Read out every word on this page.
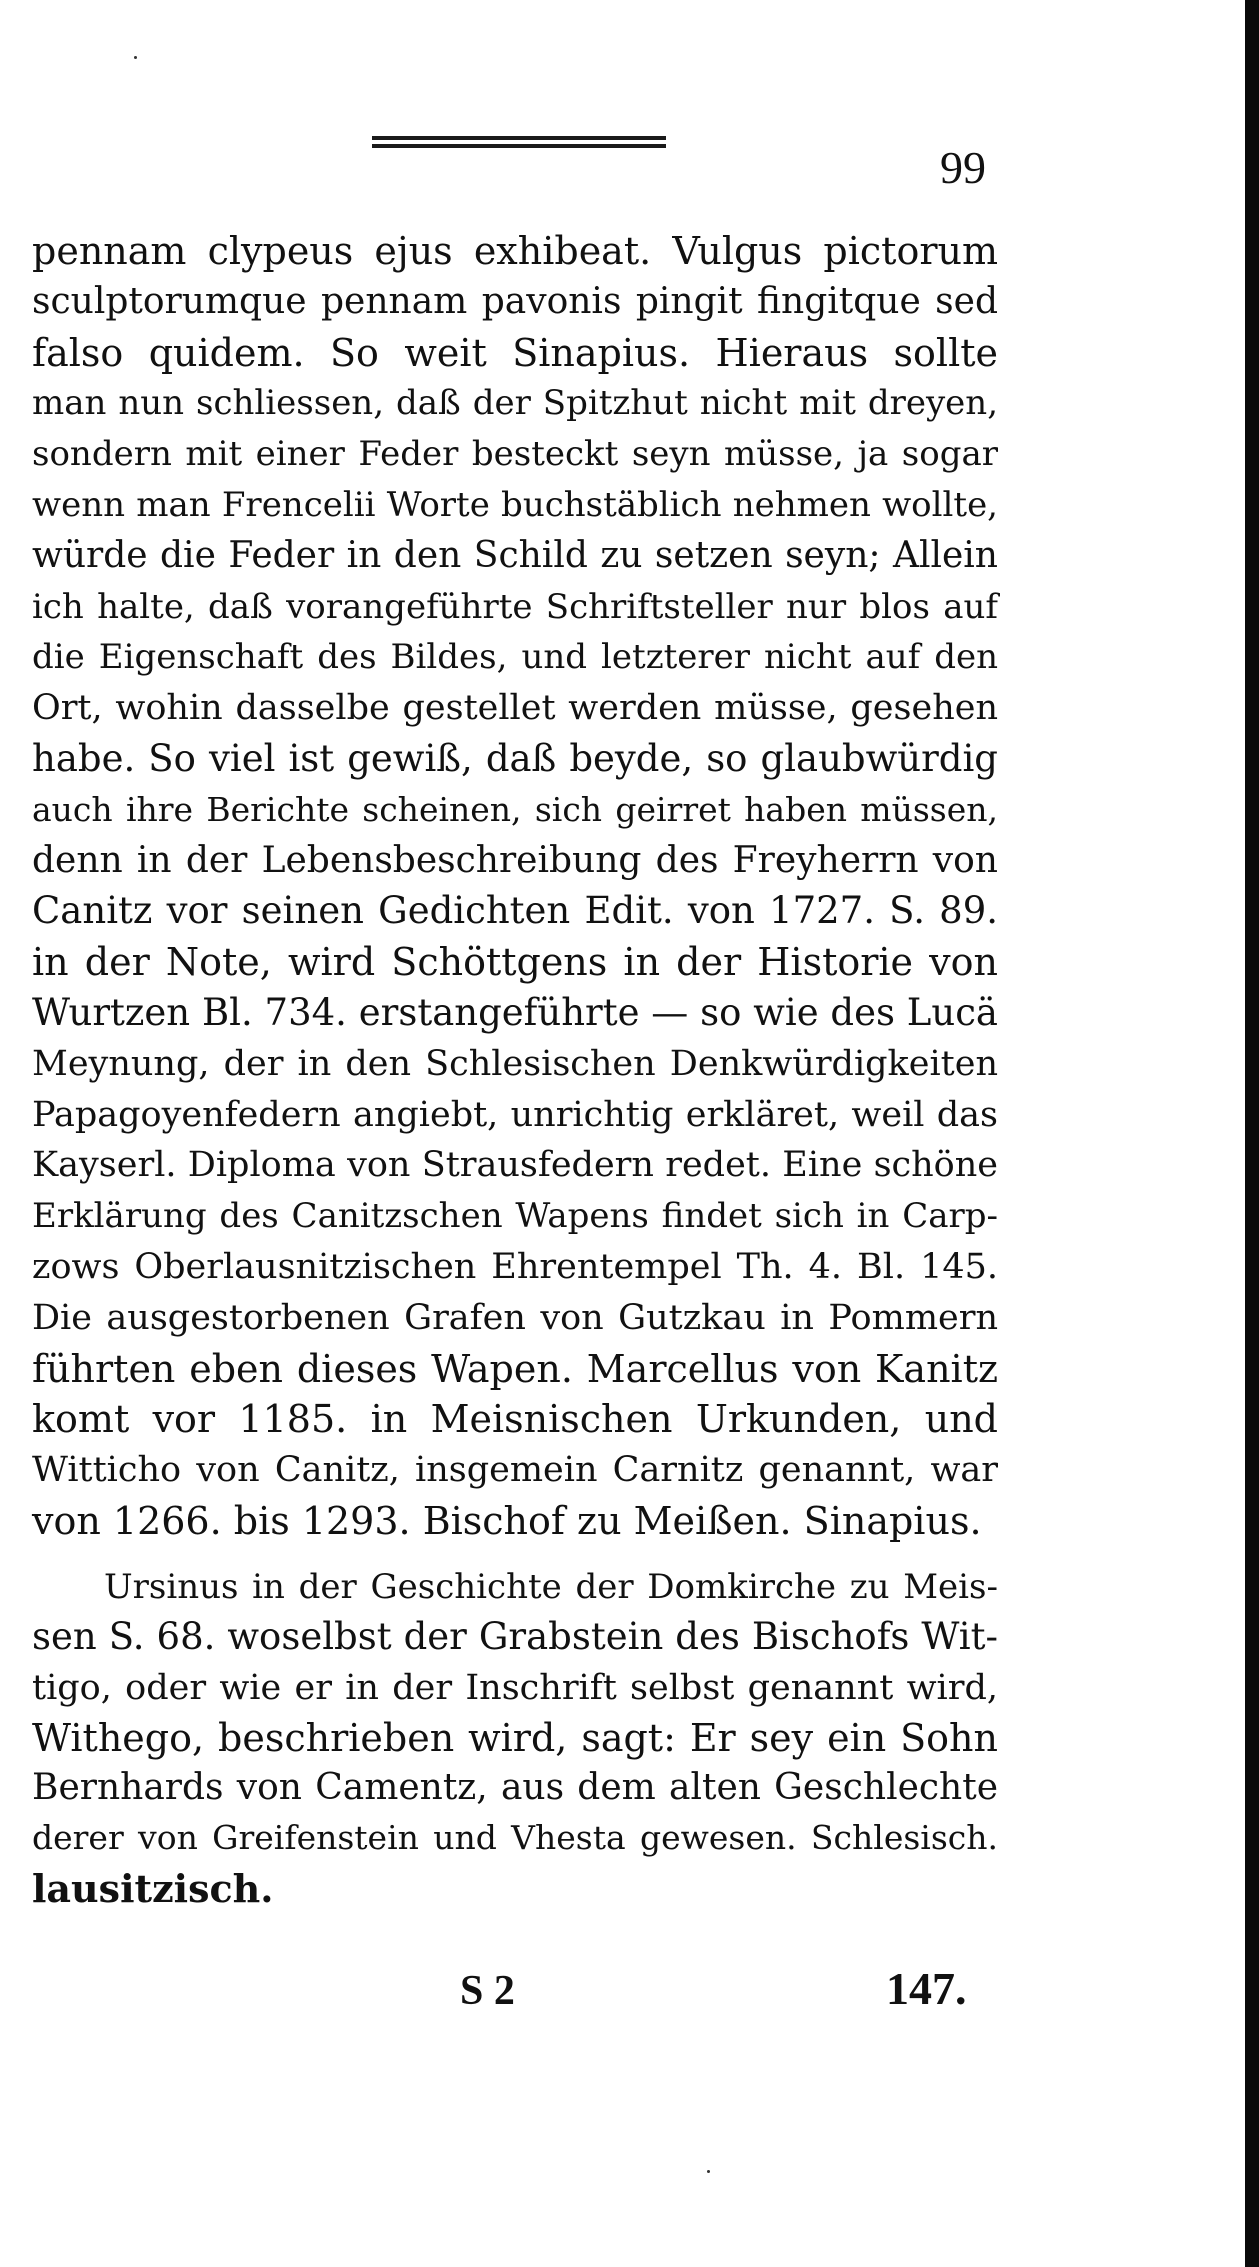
99
pennam clypeus ejus exhibeat. Vulgus pictorum
sculptorumque pennam pavonis pingit fingitque sed
falso quidem. So weit Sinapius. Hieraus sollte
man nun schliessen, daß der Spitzhut nicht mit dreyen,
sondern mit einer Feder besteckt seyn müsse, ja sogar
wenn man Frencelii Worte buchstäblich nehmen wollte,
würde die Feder in den Schild zu setzen seyn; Allein
ich halte, daß vorangeführte Schriftsteller nur blos auf
die Eigenschaft des Bildes, und letzterer nicht auf den
Ort, wohin dasselbe gestellet werden müsse, gesehen
habe. So viel ist gewiß, daß beyde, so glaubwürdig
auch ihre Berichte scheinen, sich geirret haben müssen,
denn in der Lebensbeschreibung des Freyherrn von
Canitz vor seinen Gedichten Edit. von 1727. S. 89.
in der Note, wird Schöttgens in der Historie von
Wurtzen Bl. 734. erstangeführte — so wie des Lucä
Meynung, der in den Schlesischen Denkwürdigkeiten
Papagoyenfedern angiebt, unrichtig erkläret, weil das
Kayserl. Diploma von Strausfedern redet. Eine schöne
Erklärung des Canitzschen Wapens findet sich in Carp-
zows Oberlausnitzischen Ehrentempel Th. 4. Bl. 145.
Die ausgestorbenen Grafen von Gutzkau in Pommern
führten eben dieses Wapen. Marcellus von Kanitz
komt vor 1185. in Meisnischen Urkunden, und
Witticho von Canitz, insgemein Carnitz genannt, war
von 1266. bis 1293. Bischof zu Meißen. Sinapius.
Ursinus in der Geschichte der Domkirche zu Meis-
sen S. 68. woselbst der Grabstein des Bischofs Wit-
tigo, oder wie er in der Inschrift selbst genannt wird,
Withego, beschrieben wird, sagt: Er sey ein Sohn
Bernhards von Camentz, aus dem alten Geschlechte
derer von Greifenstein und Vhesta gewesen. Schlesisch.
lausitzisch.
S 2	147.
